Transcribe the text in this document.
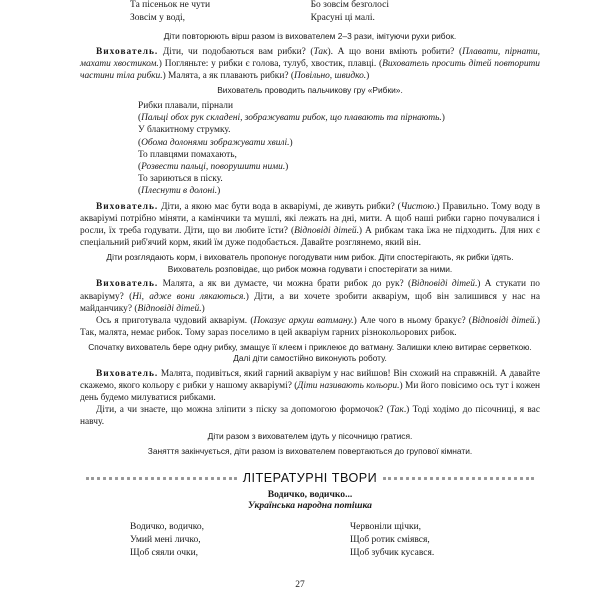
Та пісеньок не чути
Зовсім у воді,
Бо зовсім безголосі
Красуні ці малі.
Діти повторюють вірш разом із вихователем 2–3 рази, імітуючи рухи рибок.

Вихователь. Діти, чи подобаються вам рибки? (Так). А що вони вміють робити? (Плавати, пірнати, махати хвостиком.) Погляньте: у рибки є голова, тулуб, хвостик, плавці. (Вихователь просить дітей повторити частини тіла рибки.) Малята, а як плавають рибки? (Повільно, швидко.)

Вихователь проводить пальчикову гру «Рибки».
Рибки плавали, пірнали
(Пальці обох рук складені, зображувати рибок, що плавають та пірнають.)
У блакитному струмку.
(Обома долонями зображувати хвилі.)
То плавцями помахають,
(Розвести пальці, поворушити ними.)
То зариються в піску.
(Плеснути в долоні.)

Вихователь. Діти, а якою має бути вода в акваріумі, де живуть рибки? (Чистою.) Правильно. Тому воду в акваріумі потрібно міняти, а камінчики та мушлі, які лежать на дні, мити. А щоб наші рибки гарно почувалися і росли, їх треба годувати. Діти, що ви любите їсти? (Відповіді дітей.) А рибкам така їжа не підходить. Для них є спеціальний риб'ячий корм, який їм дуже подобається. Давайте розглянемо, який він.

Діти розглядають корм, і вихователь пропонує погодувати ним рибок. Діти спостерігають, як рибки їдять. Вихователь розповідає, що рибок можна годувати і спостерігати за ними.

Вихователь. Малята, а як ви думаєте, чи можна брати рибок до рук? (Відповіді дітей.) А стукати по акваріуму? (Ні, адже вони лякаються.) Діти, а ви хочете зробити акваріум, щоб він залишився у нас на майданчику? (Відповіді дітей.)

Ось я приготувала чудовий акваріум. (Показує аркуш ватману.) Але чого в ньому бракує? (Відповіді дітей.) Так, малята, немає рибок. Тому зараз поселимо в цей акваріум гарних різнокольорових рибок.

Спочатку вихователь бере одну рибку, змащує її клеєм і приклеює до ватману. Залишки клею витирає серветкою. Далі діти самостійно виконують роботу.

Вихователь. Малята, подивіться, який гарний акваріум у нас вийшов! Він схожий на справжній. А давайте скажемо, якого кольору є рибки у нашому акваріумі? (Діти називають кольори.) Ми його повісимо ось тут і кожен день будемо милуватися рибками.

Діти, а чи знаєте, що можна зліпити з піску за допомогою формочок? (Так.) Тоді ходімо до пісочниці, я вас навчу.

Діти разом з вихователем ідуть у пісочницю гратися.
Заняття закінчується, діти разом із вихователем повертаються до групової кімнати.
ЛІТЕРАТУРНІ ТВОРИ
Водичко, водичко...
Українська народна потішка
Водичко, водичко,
Умий мені личко,
Щоб сяяли очки,
Червоніли щічки,
Щоб ротик сміявся,
Щоб зубчик кусався.
27
